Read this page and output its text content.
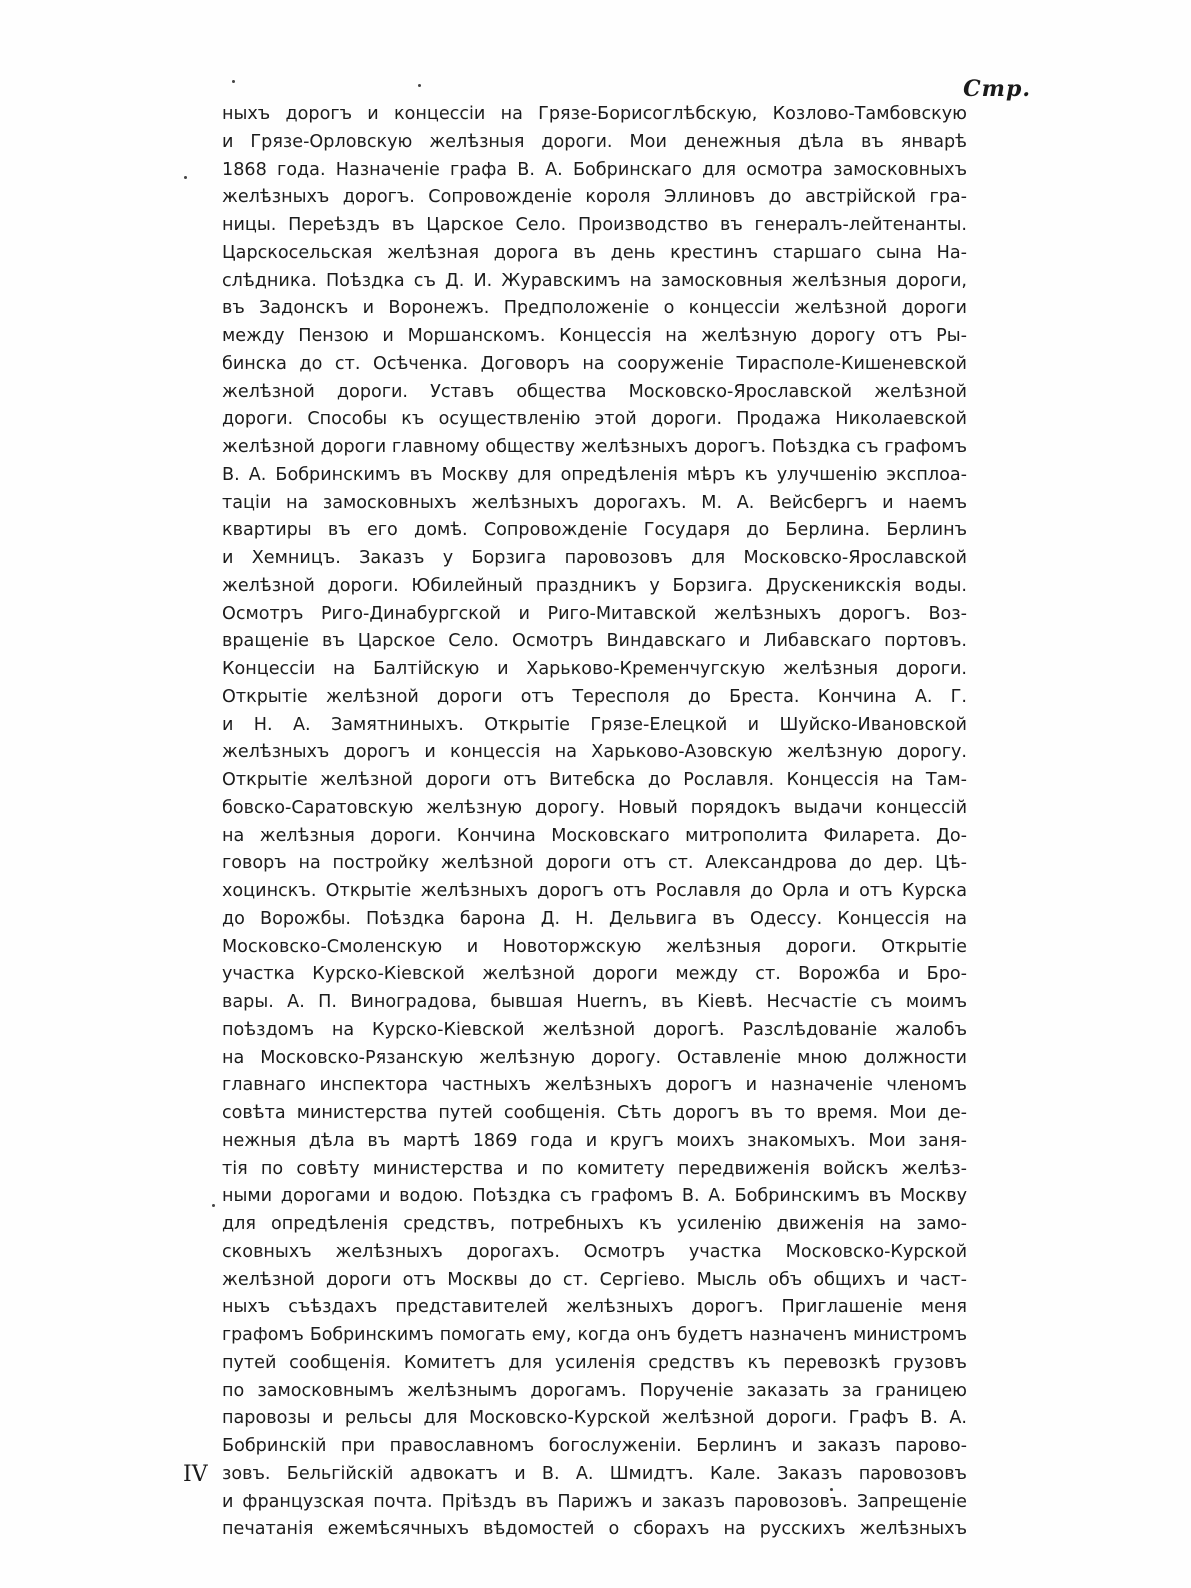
Стр.
ныхъ дорогъ и концессіи на Грязе-Борисоглѣбскую, Козлово-Тамбовскую
и Грязе-Орловскую желѣзныя дороги. Мои денежныя дѣла въ январѣ
1868 года. Назначеніе графа В. А. Бобринскаго для осмотра замосковныхъ
желѣзныхъ дорогъ. Сопровожденіе короля Эллиновъ до австрійской гра-
ницы. Переѣздъ въ Царское Село. Производство въ генералъ-лейтенанты.
Царскосельская желѣзная дорога въ день крестинъ старшаго сына На-
слѣдника. Поѣздка съ Д. И. Журавскимъ на замосковныя желѣзныя дороги,
въ Задонскъ и Воронежъ. Предположеніе о концессіи желѣзной дороги
между Пензою и Моршанскомъ. Концессія на желѣзную дорогу отъ Ры-
бинска до ст. Осѣченка. Договоръ на сооруженіе Тирасполе-Кишеневской
желѣзной дороги. Уставъ общества Московско-Ярославской желѣзной
дороги. Способы къ осуществленію этой дороги. Продажа Николаевской
желѣзной дороги главному обществу желѣзныхъ дорогъ. Поѣздка съ графомъ
В. А. Бобринскимъ въ Москву для опредѣленія мѣръ къ улучшенію эксплоа-
таціи на замосковныхъ желѣзныхъ дорогахъ. М. А. Вейсбергъ и наемъ
квартиры въ его домѣ. Сопровожденіе Государя до Берлина. Берлинъ
и Хемницъ. Заказъ у Борзига паровозовъ для Московско-Ярославской
желѣзной дороги. Юбилейный праздникъ у Борзига. Друскеникскія воды.
Осмотръ Риго-Динабургской и Риго-Митавской желѣзныхъ дорогъ. Воз-
вращеніе въ Царское Село. Осмотръ Виндавскаго и Либавскаго портовъ.
Концессіи на Балтійскую и Харьково-Кременчугскую желѣзныя дороги.
Открытіе желѣзной дороги отъ Тересполя до Бреста. Кончина А. Г.
и Н. А. Замятниныхъ. Открытіе Грязе-Елецкой и Шуйско-Ивановской
желѣзныхъ дорогъ и концессія на Харьково-Азовскую желѣзную дорогу.
Открытіе желѣзной дороги отъ Витебска до Рославля. Концессія на Там-
бовско-Саратовскую желѣзную дорогу. Новый порядокъ выдачи концессій
на желѣзныя дороги. Кончина Московскаго митрополита Филарета. До-
говоръ на постройку желѣзной дороги отъ ст. Александрова до дер. Цѣ-
хоцинскъ. Открытіе желѣзныхъ дорогъ отъ Рославля до Орла и отъ Курска
до Ворожбы. Поѣздка барона Д. Н. Дельвига въ Одессу. Концессія на
Московско-Смоленскую и Новоторжскую желѣзныя дороги. Открытіе
участка Курско-Кіевской желѣзной дороги между ст. Ворожба и Бро-
вары. А. П. Виноградова, бывшая Huernъ, въ Кіевѣ. Несчастіе съ моимъ
поѣздомъ на Курско-Кіевской желѣзной дорогѣ. Разслѣдованіе жалобъ
на Московско-Рязанскую желѣзную дорогу. Оставленіе мною должности
главнаго инспектора частныхъ желѣзныхъ дорогъ и назначеніе членомъ
совѣта министерства путей сообщенія. Сѣть дорогъ въ то время. Мои де-
нежныя дѣла въ мартѣ 1869 года и кругъ моихъ знакомыхъ. Мои заня-
тія по совѣту министерства и по комитету передвиженія войскъ желѣз-
ными дорогами и водою. Поѣздка съ графомъ В. А. Бобринскимъ въ Москву
для опредѣленія средствъ, потребныхъ къ усиленію движенія на замо-
сковныхъ желѣзныхъ дорогахъ. Осмотръ участка Московско-Курской
желѣзной дороги отъ Москвы до ст. Сергіево. Мысль объ общихъ и част-
ныхъ съѣздахъ представителей желѣзныхъ дорогъ. Приглашеніе меня
графомъ Бобринскимъ помогать ему, когда онъ будетъ назначенъ министромъ
путей сообщенія. Комитетъ для усиленія средствъ къ перевозкѣ грузовъ
по замосковнымъ желѣзнымъ дорогамъ. Порученіе заказать за границею
паровозы и рельсы для Московско-Курской желѣзной дороги. Графъ В. А.
Бобринскій при православномъ богослуженіи. Берлинъ и заказъ парово-
зовъ. Бельгійскій адвокатъ и В. А. Шмидтъ. Кале. Заказъ паровозовъ
и французская почта. Пріѣздъ въ Парижъ и заказъ паровозовъ. Запрещеніе
печатанія ежемѣсячныхъ вѣдомостей о сборахъ на русскихъ желѣзныхъ
IV
